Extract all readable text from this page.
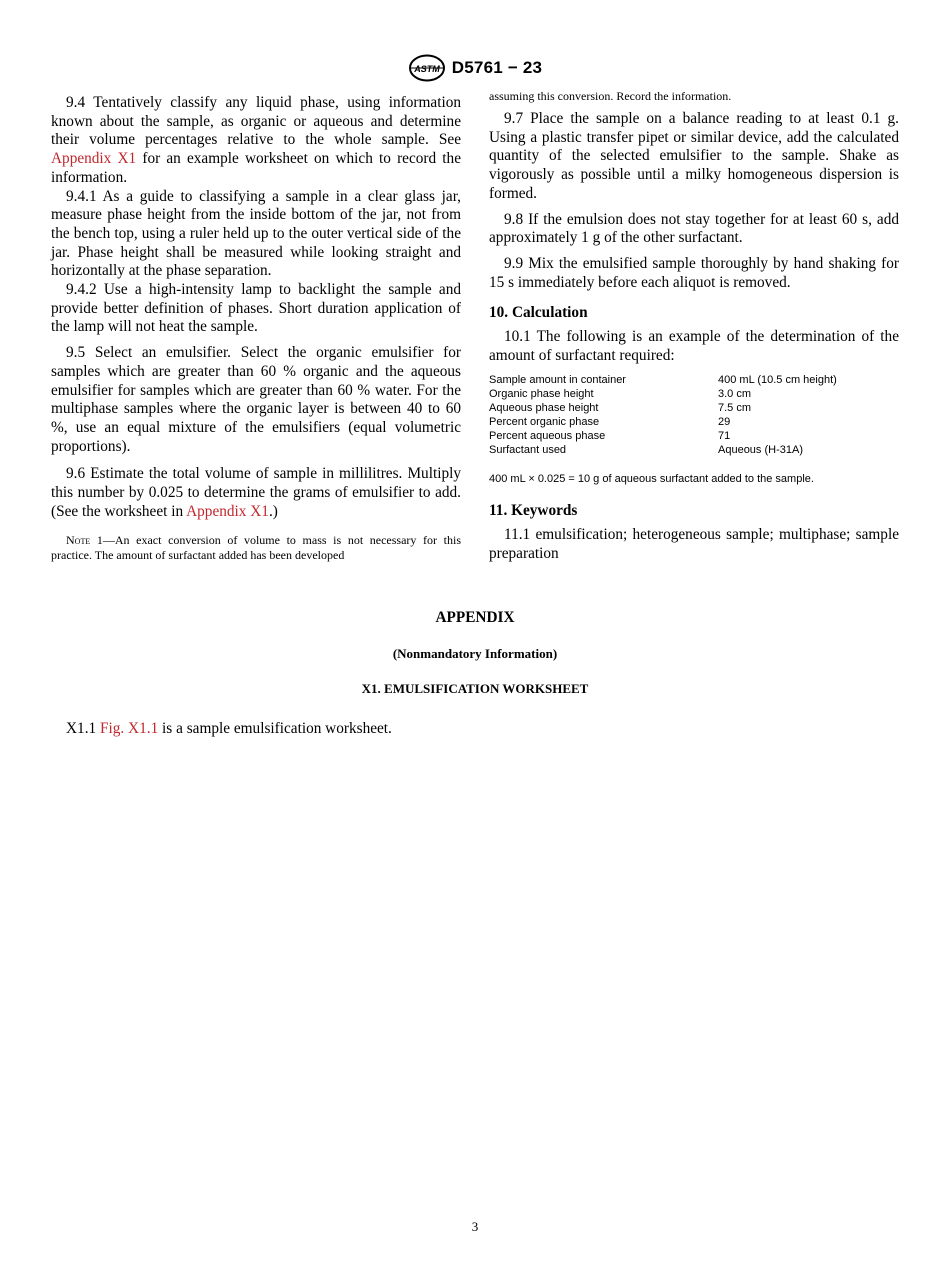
ASTM D5761 − 23

9.4 Tentatively classify any liquid phase, using information known about the sample, as organic or aqueous and determine their volume percentages relative to the whole sample. See Appendix X1 for an example worksheet on which to record the information.

9.4.1 As a guide to classifying a sample in a clear glass jar, measure phase height from the inside bottom of the jar, not from the bench top, using a ruler held up to the outer vertical side of the jar. Phase height shall be measured while looking straight and horizontally at the phase separation.

9.4.2 Use a high-intensity lamp to backlight the sample and provide better definition of phases. Short duration application of the lamp will not heat the sample.

9.5 Select an emulsifier. Select the organic emulsifier for samples which are greater than 60 % organic and the aqueous emulsifier for samples which are greater than 60 % water. For the multiphase samples where the organic layer is between 40 to 60 %, use an equal mixture of the emulsifiers (equal volumetric proportions).

9.6 Estimate the total volume of sample in millilitres. Multiply this number by 0.025 to determine the grams of emulsifier to add. (See the worksheet in Appendix X1.)

Note 1—An exact conversion of volume to mass is not necessary for this practice. The amount of surfactant added has been developed

assuming this conversion. Record the information.

9.7 Place the sample on a balance reading to at least 0.1 g. Using a plastic transfer pipet or similar device, add the calculated quantity of the selected emulsifier to the sample. Shake as vigorously as possible until a milky homogeneous dispersion is formed.

9.8 If the emulsion does not stay together for at least 60 s, add approximately 1 g of the other surfactant.

9.9 Mix the emulsified sample thoroughly by hand shaking for 15 s immediately before each aliquot is removed.

10. Calculation

10.1 The following is an example of the determination of the amount of surfactant required:

Sample amount in container	400 mL (10.5 cm height)
Organic phase height	3.0 cm
Aqueous phase height	7.5 cm
Percent organic phase	29
Percent aqueous phase	71
Surfactant used	Aqueous (H-31A)

400 mL × 0.025 = 10 g of aqueous surfactant added to the sample.

11. Keywords

11.1 emulsification; heterogeneous sample; multiphase; sample preparation

APPENDIX
(Nonmandatory Information)
X1. EMULSIFICATION WORKSHEET
X1.1 Fig. X1.1 is a sample emulsification worksheet.
3
